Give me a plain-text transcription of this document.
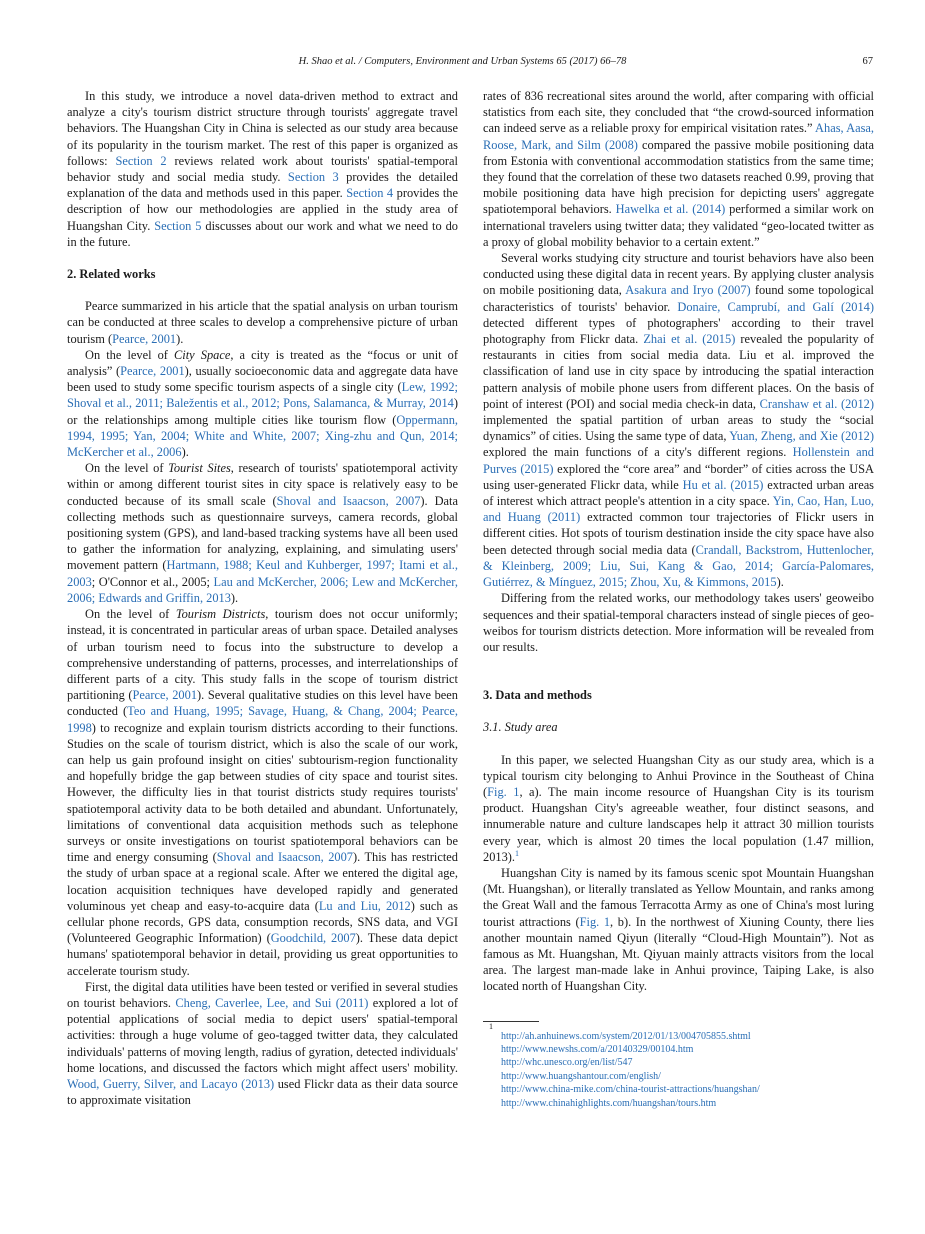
H. Shao et al. / Computers, Environment and Urban Systems 65 (2017) 66–78	67

In this study, we introduce a novel data-driven method to extract and analyze a city's tourism district structure through tourists' aggregate travel behaviors. The Huangshan City in China is selected as our study area because of its popularity in the tourism market. The rest of this paper is organized as follows: Section 2 reviews related work about tourists' spatial-temporal behavior study and social media study. Section 3 provides the detailed explanation of the data and methods used in this paper. Section 4 provides the description of how our methodologies are applied in the study area of Huangshan City. Section 5 discusses about our work and what we need to do in the future.

2. Related works

Pearce summarized in his article that the spatial analysis on urban tourism can be conducted at three scales to develop a comprehensive picture of urban tourism (Pearce, 2001).

On the level of City Space, a city is treated as the “focus or unit of analysis” (Pearce, 2001), usually socioeconomic data and aggregate data have been used to study some specific tourism aspects of a single city (Lew, 1992; Shoval et al., 2011; Baležentis et al., 2012; Pons, Salamanca, & Murray, 2014) or the relationships among multiple cities like tourism flow (Oppermann, 1994, 1995; Yan, 2004; White and White, 2007; Xing-zhu and Qun, 2014; McKercher et al., 2006).

On the level of Tourist Sites, research of tourists' spatiotemporal activity within or among different tourist sites in city space is relatively easy to be conducted because of its small scale (Shoval and Isaacson, 2007). Data collecting methods such as questionnaire surveys, camera records, global positioning system (GPS), and land-based tracking systems have all been used to gather the information for analyzing, explaining, and simulating users' movement pattern (Hartmann, 1988; Keul and Kuhberger, 1997; Itami et al., 2003; O'Connor et al., 2005; Lau and McKercher, 2006; Lew and McKercher, 2006; Edwards and Griffin, 2013).

On the level of Tourism Districts, tourism does not occur uniformly; instead, it is concentrated in particular areas of urban space. Detailed analyses of urban tourism need to focus into the substructure to develop a comprehensive understanding of patterns, processes, and interrelationships of different parts of a city. This study falls in the scope of tourism district partitioning (Pearce, 2001). Several qualitative studies on this level have been conducted (Teo and Huang, 1995; Savage, Huang, & Chang, 2004; Pearce, 1998) to recognize and explain tourism districts according to their functions. Studies on the scale of tourism district, which is also the scale of our work, can help us gain profound insight on cities' subtourism-region functionality and hopefully bridge the gap between studies of city space and tourist sites. However, the difficulty lies in that tourist districts study requires tourists' spatiotemporal activity data to be both detailed and abundant. Unfortunately, limitations of conventional data acquisition methods such as telephone surveys or onsite investigations on tourist spatiotemporal behaviors can be time and energy consuming (Shoval and Isaacson, 2007). This has restricted the study of urban space at a regional scale. After we entered the digital age, location acquisition techniques have developed rapidly and generated voluminous yet cheap and easy-to-acquire data (Lu and Liu, 2012) such as cellular phone records, GPS data, consumption records, SNS data, and VGI (Volunteered Geographic Information) (Goodchild, 2007). These data depict humans' spatiotemporal behavior in detail, providing us great opportunities to accelerate tourism study.

First, the digital data utilities have been tested or verified in several studies on tourist behaviors. Cheng, Caverlee, Lee, and Sui (2011) explored a lot of potential applications of social media to depict users' spatial-temporal activities: through a huge volume of geo-tagged twitter data, they calculated individuals' patterns of moving length, radius of gyration, detected individuals' home locations, and discussed the factors which might affect users' mobility. Wood, Guerry, Silver, and Lacayo (2013) used Flickr data as their data source to approximate visitation

rates of 836 recreational sites around the world, after comparing with official statistics from each site, they concluded that “the crowd-sourced information can indeed serve as a reliable proxy for empirical visitation rates.” Ahas, Aasa, Roose, Mark, and Silm (2008) compared the passive mobile positioning data from Estonia with conventional accommodation statistics from the same time; they found that the correlation of these two datasets reached 0.99, proving that mobile positioning data have high precision for depicting users' aggregate spatiotemporal behaviors. Hawelka et al. (2014) performed a similar work on international travelers using twitter data; they validated “geo-located twitter as a proxy of global mobility behavior to a certain extent.”

Several works studying city structure and tourist behaviors have also been conducted using these digital data in recent years. By applying cluster analysis on mobile positioning data, Asakura and Iryo (2007) found some topological characteristics of tourists' behavior. Donaire, Camprubí, and Galí (2014) detected different types of photographers' according to their travel photography from Flickr data. Zhai et al. (2015) revealed the popularity of restaurants in cities from social media data. Liu et al. improved the classification of land use in city space by introducing the spatial interaction pattern analysis of mobile phone users from different places. On the basis of point of interest (POI) and social media check-in data, Cranshaw et al. (2012) implemented the spatial partition of urban areas to study the “social dynamics” of cities. Using the same type of data, Yuan, Zheng, and Xie (2012) explored the main functions of a city's different regions. Hollenstein and Purves (2015) explored the “core area” and “border” of cities across the USA using user-generated Flickr data, while Hu et al. (2015) extracted urban areas of interest which attract people's attention in a city space. Yin, Cao, Han, Luo, and Huang (2011) extracted common tour trajectories of Flickr users in different cities. Hot spots of tourism destination inside the city space have also been detected through social media data (Crandall, Backstrom, Huttenlocher, & Kleinberg, 2009; Liu, Sui, Kang & Gao, 2014; García-Palomares, Gutiérrez, & Mínguez, 2015; Zhou, Xu, & Kimmons, 2015).

Differing from the related works, our methodology takes users' geoweibo sequences and their spatial-temporal characters instead of single pieces of geo-weibos for tourism districts detection. More information will be revealed from our results.

3. Data and methods
3.1. Study area

In this paper, we selected Huangshan City as our study area, which is a typical tourism city belonging to Anhui Province in the Southeast of China (Fig. 1, a). The main income resource of Huangshan City is its tourism product. Huangshan City's agreeable weather, four distinct seasons, and innumerable nature and culture landscapes help it attract 30 million tourists every year, which is almost 20 times the local population (1.47 million, 2013).$^1$

Huangshan City is named by its famous scenic spot Mountain Huangshan (Mt. Huangshan), or literally translated as Yellow Mountain, and ranks among the Great Wall and the famous Terracotta Army as one of China's most luring tourist attractions (Fig. 1, b). In the northwest of Xiuning County, there lies another mountain named Qiyun (literally “Cloud-High Mountain”). Not as famous as Mt. Huangshan, Mt. Qiyuan mainly attracts visitors from the local area. The largest man-made lake in Anhui province, Taiping Lake, is also located north of Huangshan City.

1
http://ah.anhuinews.com/system/2012/01/13/004705855.shtml
http://www.newshs.com/a/20140329/00104.htm
http://whc.unesco.org/en/list/547
http://www.huangshantour.com/english/
http://www.china-mike.com/china-tourist-attractions/huangshan/
http://www.chinahighlights.com/huangshan/tours.htm
